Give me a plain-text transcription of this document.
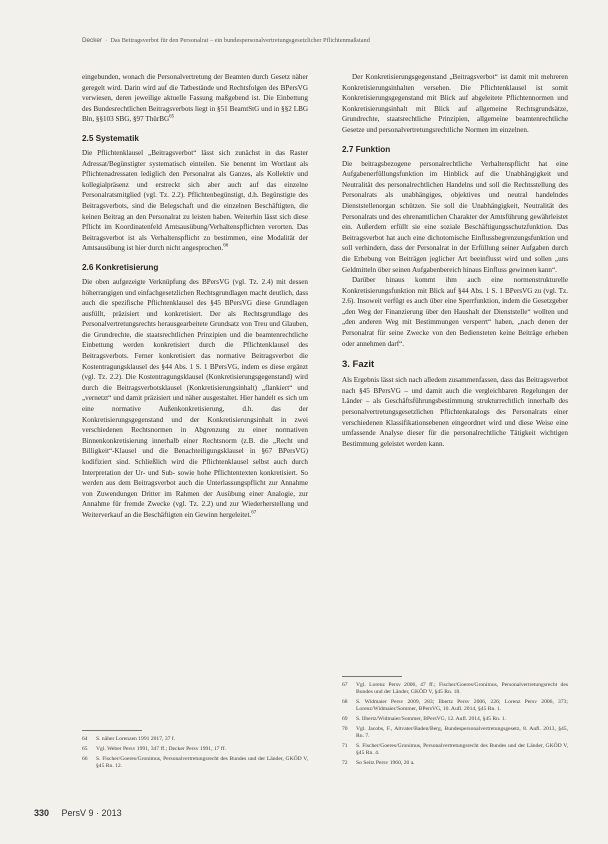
Decker  ·  Das Beitragsverbot für den Personalrat – ein bundespersonalvertretungsgesetzlicher Pflichtenmaßstand

eingebunden, wonach die Personalvertretung der Beamten durch Gesetz näher geregelt wird. Darin wird auf die Tatbestände und Rechtsfolgen des BPersVG verwiesen, deren jeweilige aktuelle Fassung maßgebend ist. Die Einbettung des Bundesrechtlichen Beitragsverbots liegt in §51 BeamtStG und in §§2 LBG Bln, §§103 SBG, §97 ThürBG$^{65}$

2.5 Systematik

Die Pflichtenklausel „Beitragsverbot“ lässt sich zunächst in das Raster Adressat/Begünstigter systematisch einteilen. Sie benennt im Wortlaut als Pflichtenadressaten lediglich den Personalrat als Ganzes, als Kollektiv und kollegialpräsenz und erstreckt sich aber auch auf das einzelne Personalratsmitglied (vgl. Tz. 2.2). Pflichtenbegünstigt, d.h. Begünstigte des Beitragsverbots, sind die Belegschaft und die einzelnen Beschäftigten, die keinen Beitrag an den Personalrat zu leisten haben. Weiterhin lässt sich diese Pflicht im Koordinatenfeld Amtsausübung/Verhaltenspflichten verorten. Das Beitragsverbot ist als Verhaltenspflicht zu bestimmen, eine Modalität der Amtsausübung ist hier durch nicht angesprochen.$^{66}$

2.6 Konkretisierung

Die oben aufgezeigte Verknüpfung des BPersVG (vgl. Tz. 2.4) mit dessen höherrangigen und einfachgesetzlichen Rechtsgrundlagen macht deutlich, dass auch die spezifische Pflichtenklausel des §45 BPersVG diese Grundlagen ausfüllt, präzisiert und konkretisiert. Der als Rechtsgrundlage des Personalvertretungsrechts herausgearbeitete Grundsatz von Treu und Glauben, die Grundrechte, die staatsrechtlichen Prinzipien und die beamtenrechtliche Einbettung werden konkretisiert durch die Pflichtenklausel des Beitragsverbots. Ferner konkretisiert das normative Beitragsverbot die Kostentragungsklausel des §44 Abs. 1 S. 1 BPersVG, indem es diese ergänzt (vgl. Tz. 2.2). Die Kostentragungsklausel (Konkretisierungsgegenstand) wird durch die Beitragsverbotsklausel (Konkretisierungsinhalt) „flankiert“ und „vernetzt“ und damit präzisiert und näher ausgestaltet. Hier handelt es sich um eine normative Außenkonkretisierung, d.h. das der Konkretisierungsgegenstand und der Konkretisierungsinhalt in zwei verschiedenen Rechtsnormen in Abgrenzung zu einer normativen Binnenkonkretisierung innerhalb einer Rechtsnorm (z.B. die „Recht und Billigkeit“-Klausel und die Benachteiligungsklausel in §67 BPersVG) kodifiziert sind. Schließlich wird die Pflichtenklausel selbst auch durch Interpretation der Ur- und Sub- sowie hohe Pflichtentexten konkretisiert. So werden aus dem Beitragsverbot auch die Unterlassungspflicht zur Annahme von Zuwendungen Dritter im Rahmen der Ausübung einer Analogie, zur Annahme für fremde Zwecke (vgl. Tz. 2.2) und zur Wiederherstellung und Weiterverkauf an die Beschäftigten ein Gewinn hergeleitet.$^{67}$

Der Konkretisierungsgegenstand „Beitragsverbot“ ist damit mit mehreren Konkretisierungsinhalten versehen. Die Pflichtenklausel ist somit Konkretisierungsgegenstand mit Blick auf abgeleitete Pflichtennormen und Konkretisierungsinhalt mit Blick auf allgemeine Rechtsgrundsätze, Grundrechte, staatsrechtliche Prinzipien, allgemeine beamtenrechtliche Gesetze und personalvertretungsrechtliche Normen im einzelnen.

2.7 Funktion

Die beitragsbezogene personalrechtliche Verhaltenspflicht hat eine Aufgabenerfüllungsfunktion im Hinblick auf die Unabhängigkeit und Neutralität des personalrechtlichen Handelns und soll die Rechtsstellung des Personalrats als unabhängiges, objektives und neutral handelndes Dienststellenorgan schützen. Sie soll die Unabhängigkeit, Neutralität des Personalrats und des ehrenamtlichen Charakter der Amtsführung gewährleistet ein. Außerdem erfüllt sie eine soziale Beschäftigungsschutzfunktion. Das Beitragsverbot hat auch eine dichotomische Einflussbegrenzungsfunktion und soll verhindern, dass der Personalrat in der Erfüllung seiner Aufgaben durch die Erhebung von Beiträgen jeglicher Art beeinflusst wird und sollen „uns Geldmitteln über seinen Aufgabenbereich hinaus Einfluss gewinnen kann“.

Darüber hinaus kommt ihm auch eine normenstrukturelle Konkretisierungsfunktion mit Blick auf §44 Abs. 1 S. 1 BPersVG zu (vgl. Tz. 2.6). Insoweit verfügt es auch über eine Sperrfunktion, indem die Gesetzgeber „den Weg der Finanzierung über den Haushalt der Dienststelle“ wollten und „den anderen Weg mit Bestimmungen versperrt“ haben, „nach denen der Personalrat für seine Zwecke von den Bediensteten keine Beiträge erheben oder annehmen darf“.

3. Fazit

Als Ergebnis lässt sich nach alledem zusammenfassen, dass das Beitragsverbot nach §45 BPersVG – und damit auch die vergleichbaren Regelungen der Länder – als Geschäftsführungsbestimmung strukturrechtlich innerhalb des personalvertretungsgesetzlichen Pflichtenkatalogs des Personalrats einer verschiedenen Klassifikationsebenen eingeordnet wird und diese Weise eine umfassende Analyse dieser für die personalrechtliche Tätigkeit wichtigen Bestimmung geleistet werden kann.

64	S. näher Lorenzen 1991 2017, 37 f.
65	Vgl. Weber Persv 1991, 347 ff.; Decker Persv 1991, 17 ff.
66	S. Fischer/Goeres/Gronimus, Personalvertretungsrecht des Bundes und der Länder, GKÖD V, §45 Rn. 12.
67	Vgl. Lorenz Persv 2006, 47 ff.; Fischer/Goeres/Gronimus, Personalvertretungsrecht des Bundes und der Länder, GKÖD V, §45 Rn. 18.
68	S. Widmaier Persv 2009, 283; Ilbertz Persv 2006, 226; Lorenz Persv 2006, 373; Lorenz/Widmaier/Sommer, BPersVG, 10. Aufl. 2014, §45 Rn. 1.
69	S. Ilbertz/Widmaier/Sommer, BPersVG, 12. Aufl. 2014, §45 Rn. 1.
70	Vgl. Jacobs, F., Altvater/Baden/Berg, Bundespersonalvertretungsgesetz, 8. Aufl. 2013, §45, Rn. 7.
71	S. Fischer/Goeres/Gronimus, Personalvertretungsrecht des Bundes und der Länder, GKÖD V, §45 Rn. 4.
72	So Seitz Persv 1960, 20 a.
330 PersV 9 · 2013
